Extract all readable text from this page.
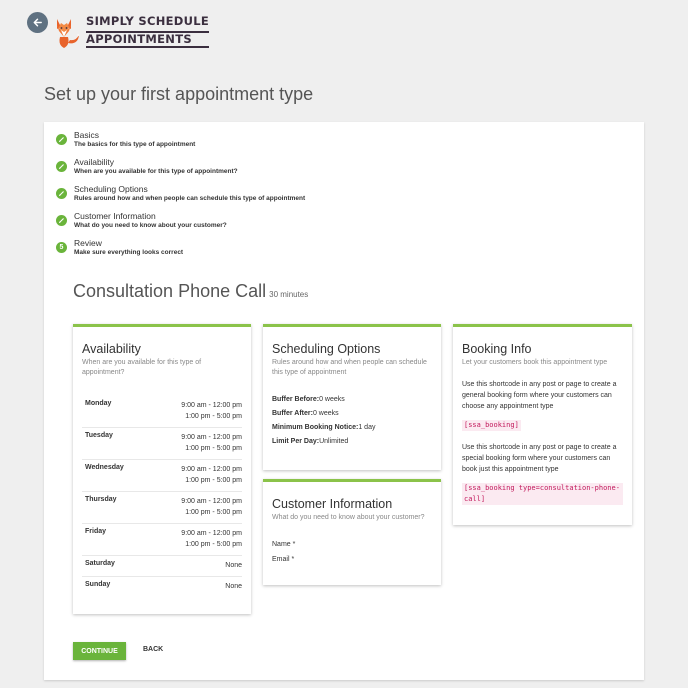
SIMPLY SCHEDULE
APPOINTMENTS
Set up your first appointment type
Basics
The basics for this type of appointment
Availability
When are you available for this type of appointment?
Scheduling Options
Rules around how and when people can schedule this type of appointment
Customer Information
What do you need to know about your customer?
5 Review
Make sure everything looks correct
Consultation Phone Call 30 minutes
Availability
When are you available for this type of appointment?
Monday	9:00 am - 12:00 pm
1:00 pm - 5:00 pm
Tuesday	9:00 am - 12:00 pm
1:00 pm - 5:00 pm
Wednesday	9:00 am - 12:00 pm
1:00 pm - 5:00 pm
Thursday	9:00 am - 12:00 pm
1:00 pm - 5:00 pm
Friday	9:00 am - 12:00 pm
1:00 pm - 5:00 pm
Saturday	None
Sunday	None
Scheduling Options
Rules around how and when people can schedule this type of appointment
Buffer Before:0 weeks
Buffer After:0 weeks
Minimum Booking Notice:1 day
Limit Per Day:Unlimited
Customer Information
What do you need to know about your customer?
Name *
Email *
Booking Info
Let your customers book this appointment type
Use this shortcode in any post or page to create a general booking form where your customers can choose any appointment type
[ssa_booking]
Use this shortcode in any post or page to create a special booking form where your customers can book just this appointment type
[ssa_booking type=consultation-phone-call]
CONTINUE	BACK
